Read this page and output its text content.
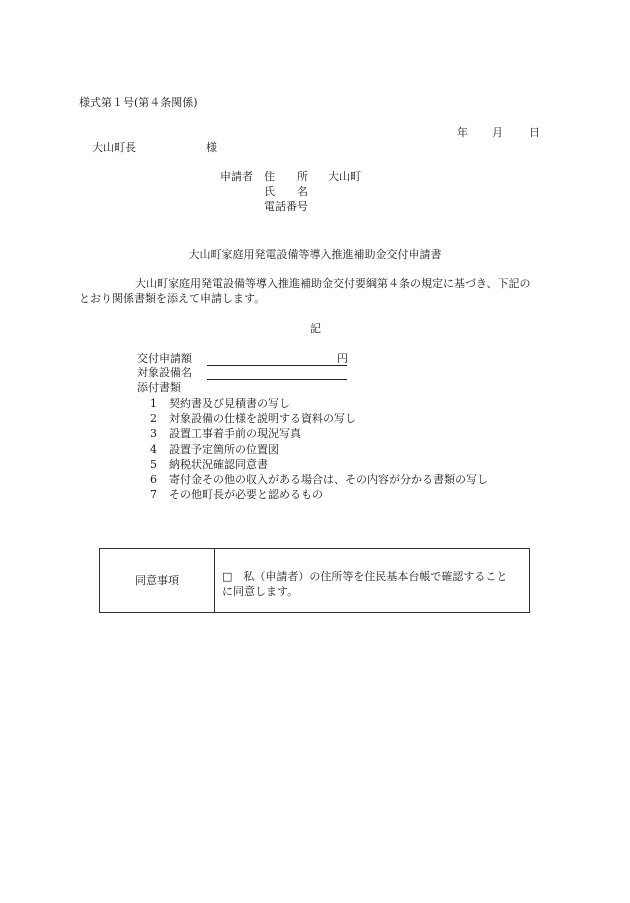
様式第１号(第４条関係)
年 月 日
大山町長	様
申請者 住　　所 大山町
氏　　名
電話番号
大山町家庭用発電設備等導入推進補助金交付申請書
大山町家庭用発電設備等導入推進補助金交付要綱第４条の規定に基づき、下記の
とおり関係書類を添えて申請します。
記
交付申請額	円
対象設備名
添付書類
1 契約書及び見積書の写し
2 対象設備の仕様を説明する資料の写し
3 設置工事着手前の現況写真
4 設置予定箇所の位置図
5 納税状況確認同意書
6 寄付金その他の収入がある場合は、その内容が分かる書類の写し
7 その他町長が必要と認めるもの
同意事項	□　私（申請者）の住所等を住民基本台帳で確認すること
に同意します。
